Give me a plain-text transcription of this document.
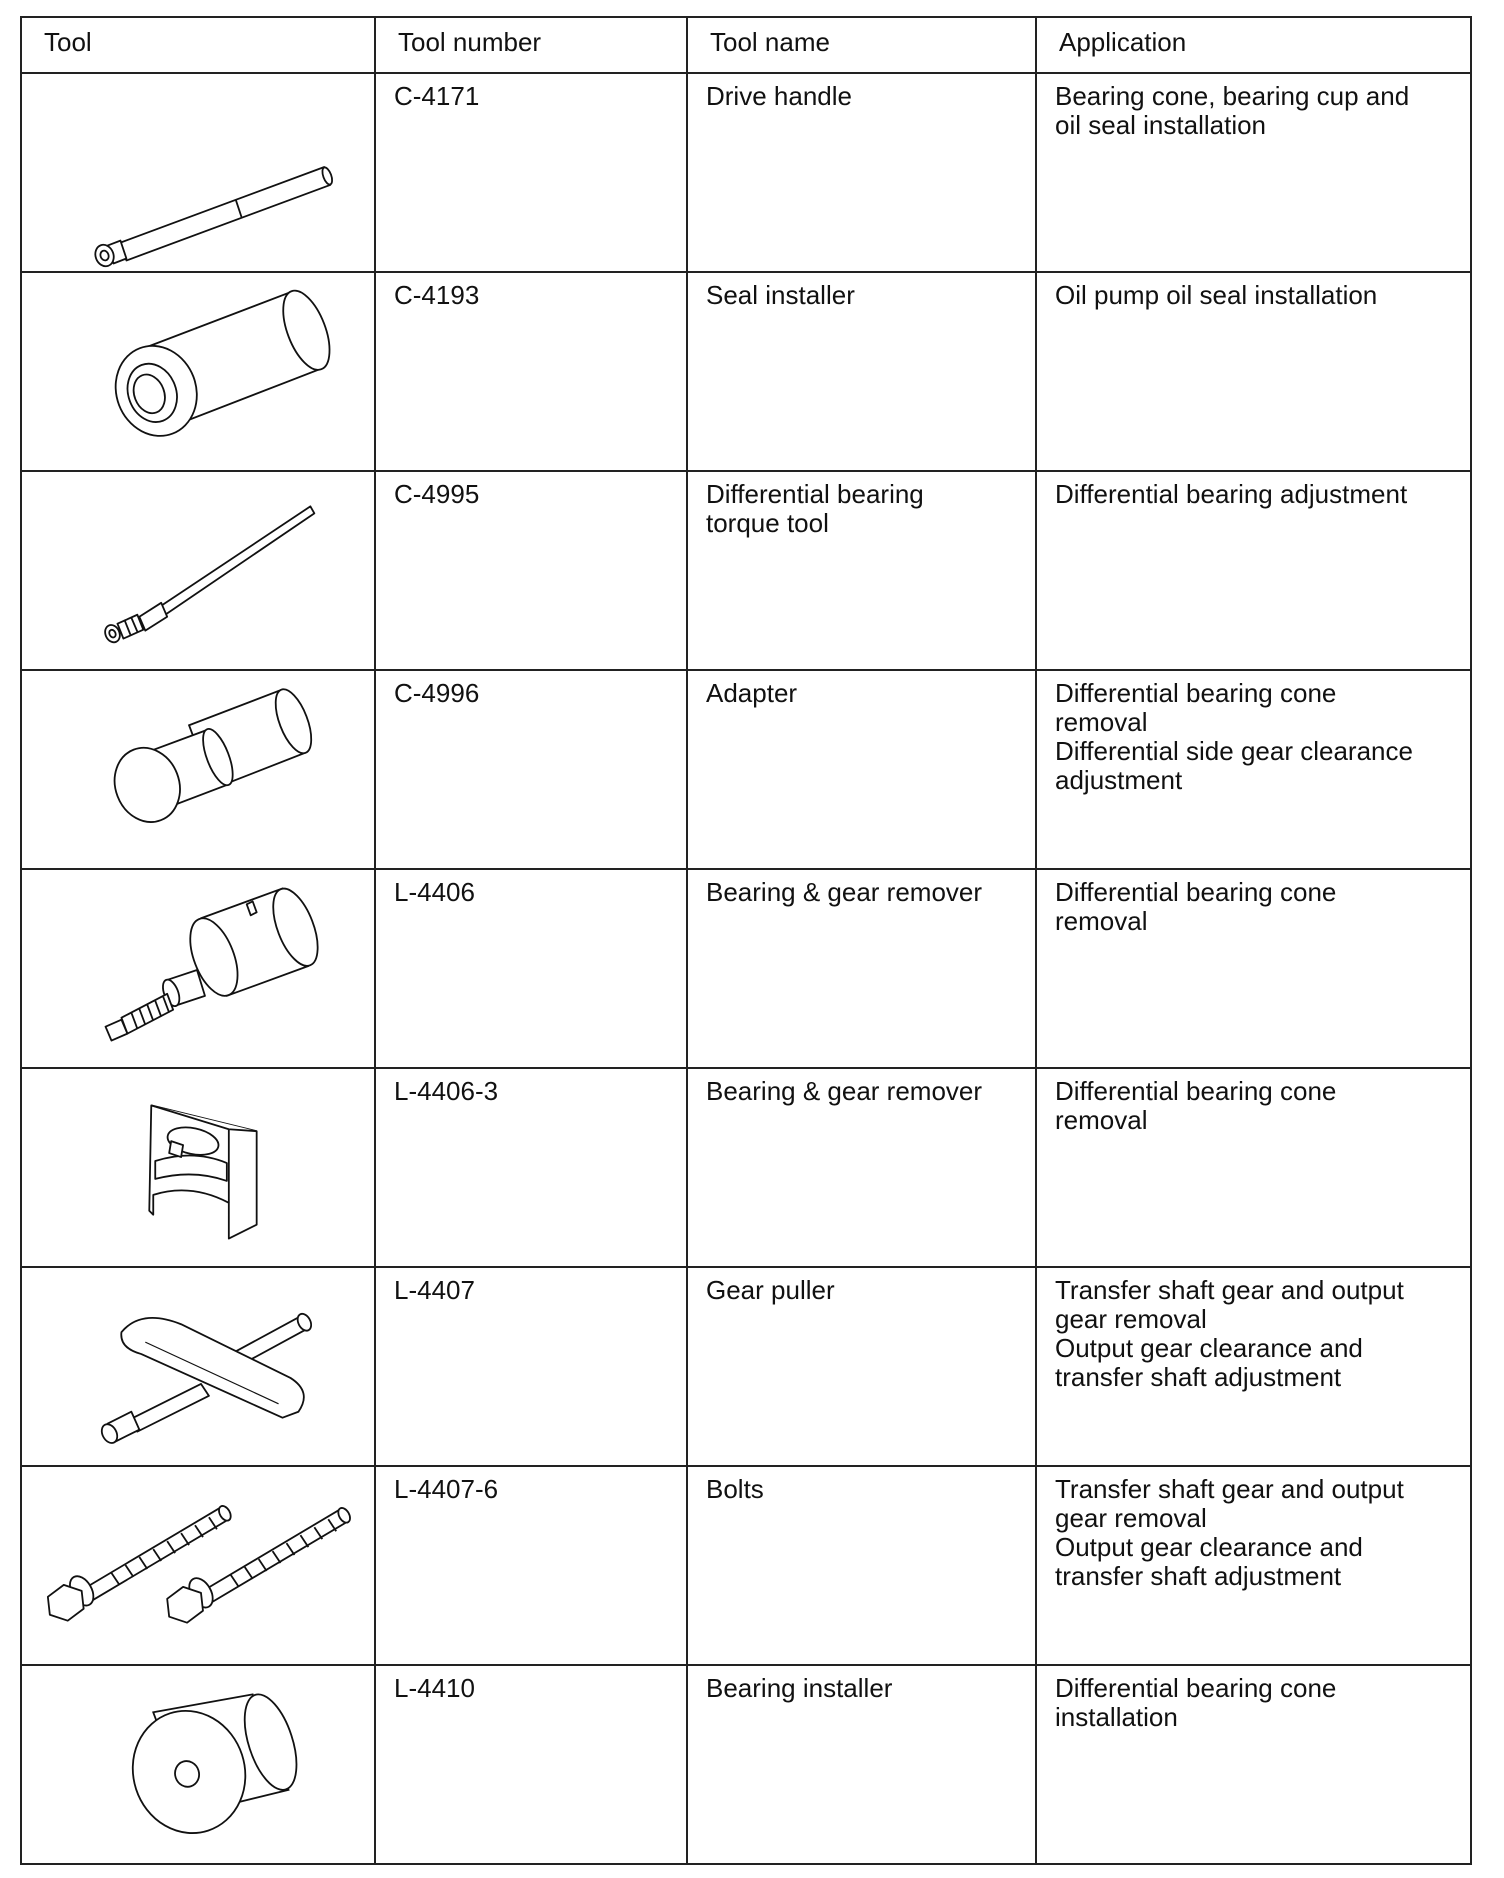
Tool	Tool number	Tool name	Application

C-4171	Drive handle	Bearing cone, bearing cup and
oil seal installation

C-4193	Seal installer	Oil pump oil seal installation

C-4995	Differential bearing
torque tool	Differential bearing adjustment

C-4996	Adapter	Differential bearing cone
removal
Differential side gear clearance
adjustment

L-4406	Bearing & gear remover	Differential bearing cone
removal

L-4406-3	Bearing & gear remover	Differential bearing cone
removal

L-4407	Gear puller	Transfer shaft gear and output
gear removal
Output gear clearance and
transfer shaft adjustment

L-4407-6	Bolts	Transfer shaft gear and output
gear removal
Output gear clearance and
transfer shaft adjustment

L-4410	Bearing installer	Differential bearing cone
installation
